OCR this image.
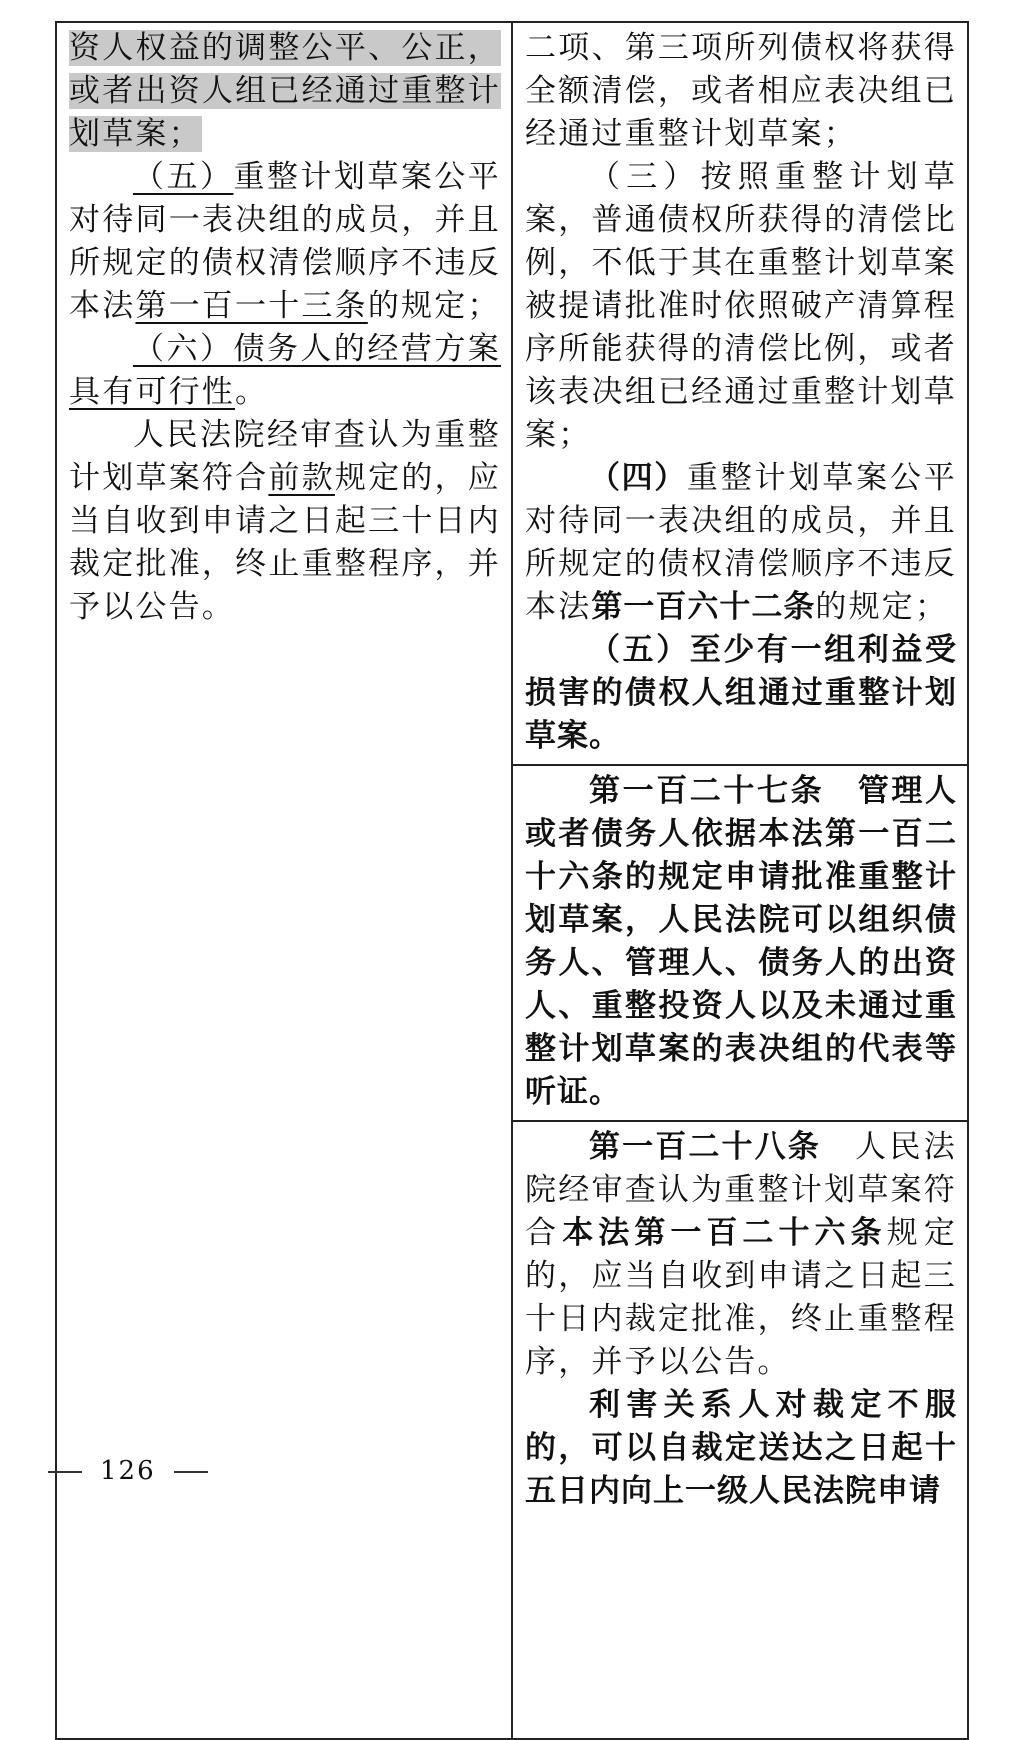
资人权益的调整公平、公正，或者出资人组已经通过重整计划草案；

（五）重整计划草案公平对待同一表决组的成员，并且所规定的债权清偿顺序不违反本法第一百一十三条的规定；

（六）债务人的经营方案具有可行性。

人民法院经审查认为重整计划草案符合前款规定的，应当自收到申请之日起三十日内裁定批准，终止重整程序，并予以公告。

二项、第三项所列债权将获得全额清偿，或者相应表决组已经通过重整计划草案；

（三）按照重整计划草案，普通债权所获得的清偿比例，不低于其在重整计划草案被提请批准时依照破产清算程序所能获得的清偿比例，或者该表决组已经通过重整计划草案；

（四）重整计划草案公平对待同一表决组的成员，并且所规定的债权清偿顺序不违反本法第一百六十二条的规定；

（五）至少有一组利益受损害的债权人组通过重整计划草案。

第一百二十七条　 管理人或者债务人依据本法第一百二十六条的规定申请批准重整计划草案，人民法院可以组织债务人、管理人、债务人的出资人、重整投资人以及未通过重整计划草案的表决组的代表等听证。

第一百二十八条　 人民法院经审查认为重整计划草案符合本法第一百二十六条规定的，应当自收到申请之日起三十日内裁定批准，终止重整程序，并予以公告。

利害关系人对裁定不服的，可以自裁定送达之日起十五日内向上一级人民法院申请

126
